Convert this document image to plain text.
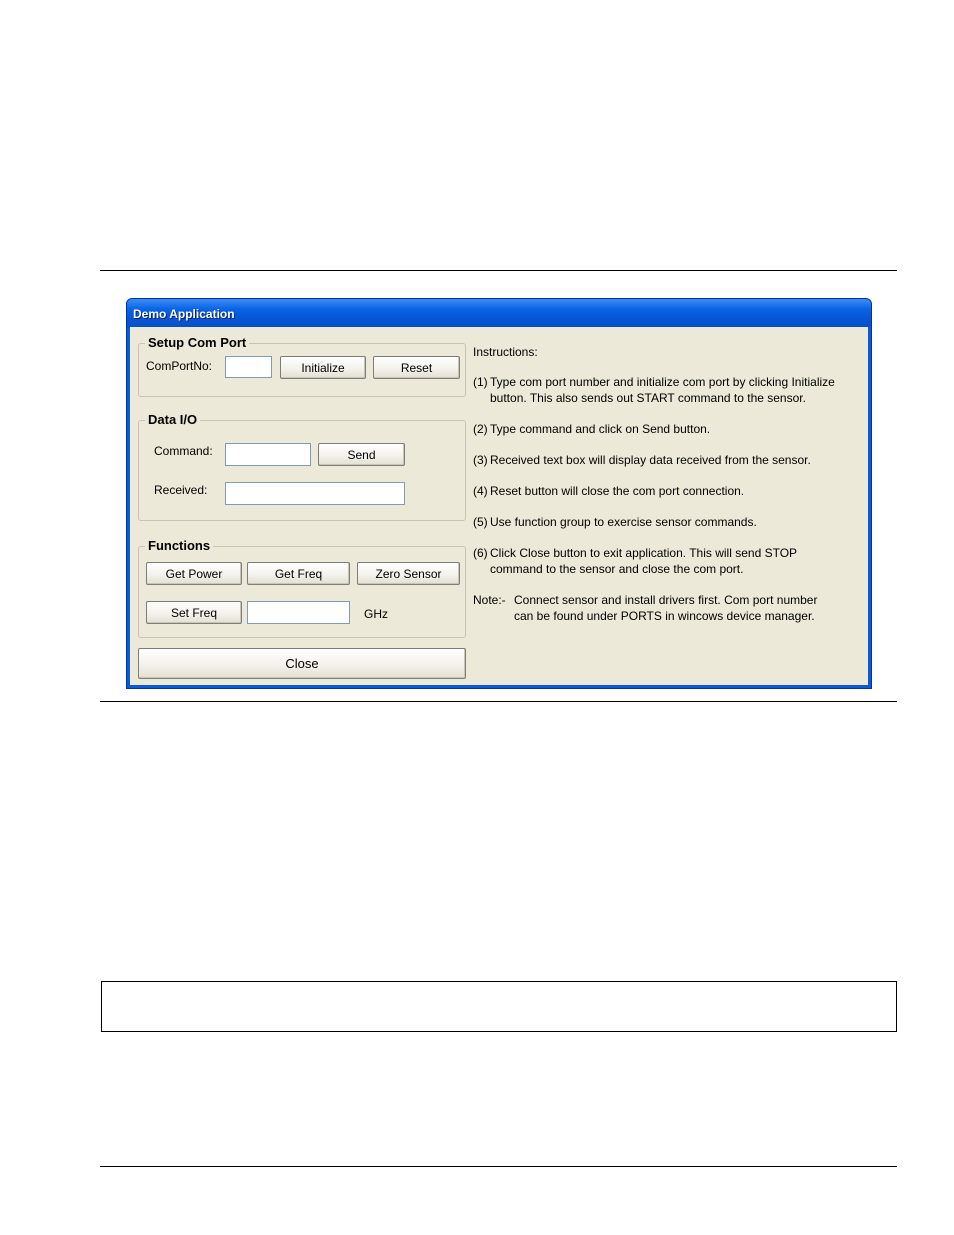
Demo Application
Setup Com Port
ComPortNo:	Initialize	Reset
Data I/O
Command:	Send
Received:
Functions
Get Power	Get Freq	Zero Sensor
Set Freq	GHz
Close
Instructions:
(1) Type com port number and initialize com port by clicking Initialize
button. This also sends out START command to the sensor.
(2) Type command and click on Send button.
(3) Received text box will display data received from the sensor.
(4) Reset button will close the com port connection.
(5) Use function group to exercise sensor commands.
(6) Click Close button to exit application. This will send STOP
command to the sensor and close the com port.
Note:- Connect sensor and install drivers first. Com port number
can be found under PORTS in wincows device manager.
